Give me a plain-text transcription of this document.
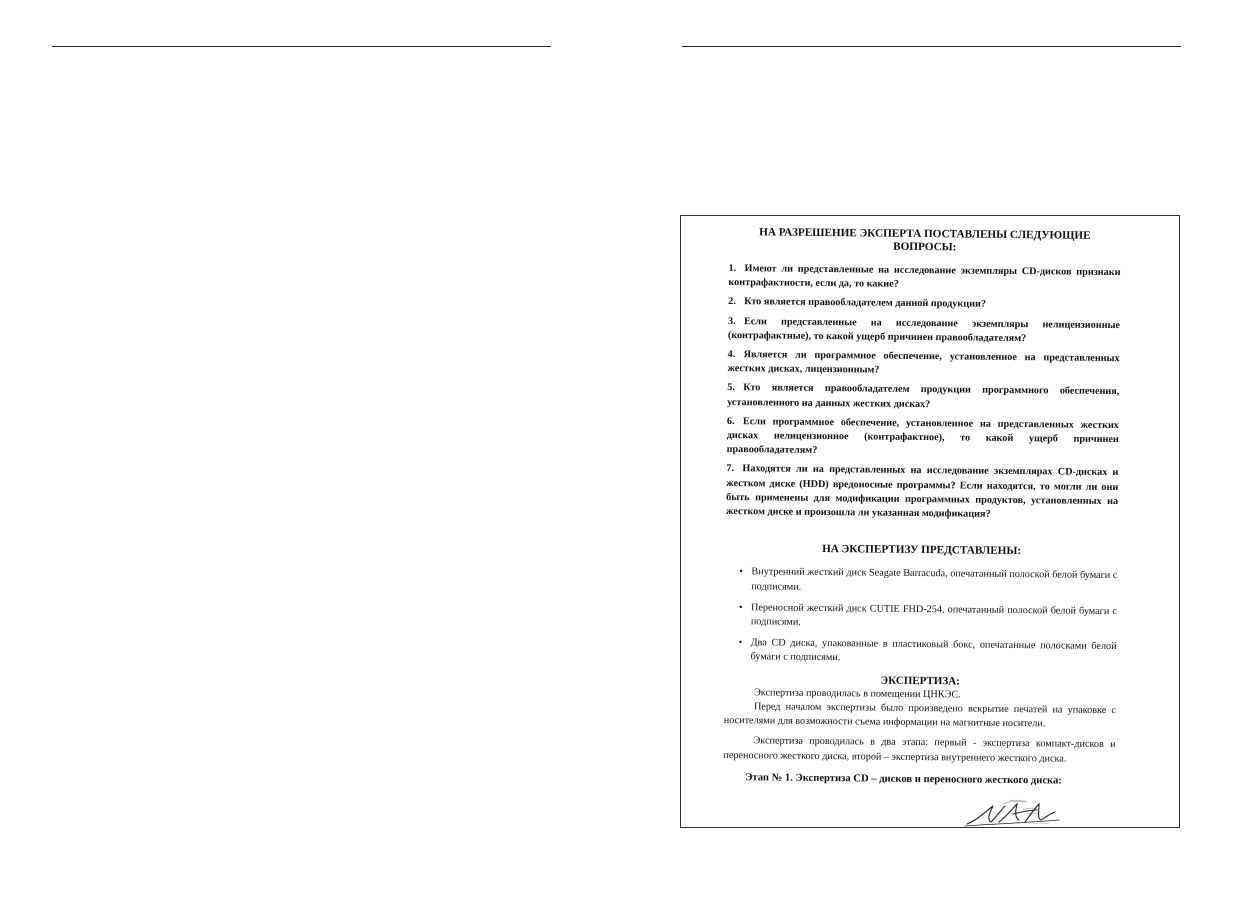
НА РАЗРЕШЕНИЕ ЭКСПЕРТА ПОСТАВЛЕНЫ СЛЕДУЮЩИЕ ВОПРОСЫ:
1. Имеют ли представленные на исследование экземпляры CD-дисков признаки контрафактности, если да, то какие?
2. Кто является правообладателем данной продукции?
3. Если представленные на исследование экземпляры нелицензионные (контрафактные), то какой ущерб причинен правообладателям?
4. Является ли программное обеспечение, установленное на представленных жестких дисках, лицензионным?
5. Кто является правообладателем продукции программного обеспечения, установленного на данных жестких дисках?
6. Если программное обеспечение, установленное на представленных жестких дисках нелицензионное (контрафактное), то какой ущерб причинен правообладателям?
7. Находятся ли на представленных на исследование экземплярах CD-дисках и жестком диске (HDD) вредоносные программы? Если находятся, то могли ли они быть применены для модификации программных продуктов, установленных на жестком диске и произошла ли указанная модификация?
НА ЭКСПЕРТИЗУ ПРЕДСТАВЛЕНЫ:
• Внутренний жесткий диск Seagate Barracuda, опечатанный полоской белой бумаги с подписями.
• Переносной жесткий диск CUTIE FHD-254, опечатанный полоской белой бумаги с подписями.
• Два CD диска, упакованные в пластиковый бокс, опечатанные полосками белой бумаги с подписями.
ЭКСПЕРТИЗА:

Экспертиза проводилась в помещении ЦНКЭС.

Перед началом экспертизы было произведено вскрытие печатей на упаковке с носителями для возможности съема информации на магнитные носители.

Экспертиза проводилась в два этапа: первый - экспертиза компакт-дисков и переносного жесткого диска, второй – экспертиза внутреннего жесткого диска.

Этап № 1. Экспертиза CD – дисков и переносного жесткого диска:
